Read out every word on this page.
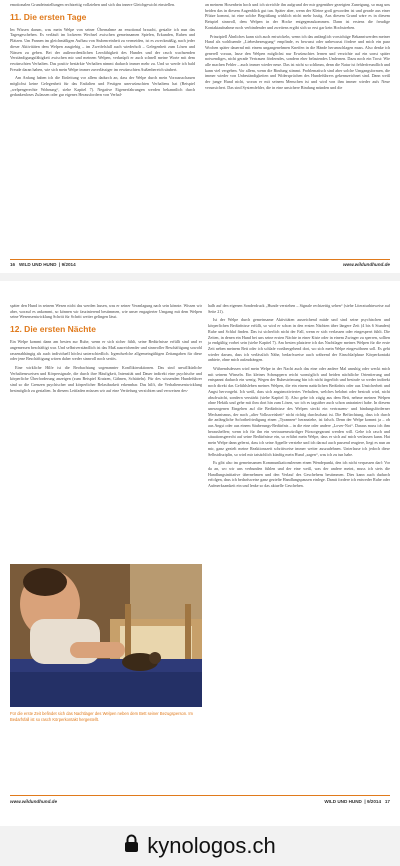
emotionalen Grundeinstellungen rechtzeitig vollziehen und sich das innere Gleichgewicht einstellen.

11. Die ersten Tage

Im Wissen darum, was mein Welpe von seiner Übernahme an emotional braucht, gestalte ich nun das Tagesgeschehen. Es verläuft im lockeren Wechsel zwischen gemeinsamen Spielen, Erkunden, Ruhen und Plätzen. Um Pannen im gleichmäßigen Aufbau von Stubenreinheit zu vermeiden, ist es zweckmäßig, nach jeder dieser Aktivitäten dem Welpen ausgiebig – im Zweifelsfall auch wiederholt – Gelegenheit zum Lösen und Nässen zu geben. Bei der außerordentlichen Lernfähigkeit des Hundes und der rasch wachsenden Verständigungsfähigkeit zwischen mir und meinem Welpen, verknüpft er auch schnell meine Worte mit dem erwünschten Verhalten. Das positiv bestärkte Verhalten nimmt dadurch immer mehr zu. Und so werde ich bald Freude daran haben, wie sich mein Welpe immer zuverlässiger im erwünschten Außenbereich säubert.

Am Anfang haben ich die Einleitung vor allem dadurch an, dass der Welpe durch mein Voraussschauen möglichst keine Gelegenheit für das Entfalten und Festigen unerwünschten Verhaltens hat (Beispiel „welpengerechte Wohnung“, siehe Kapitel 7). Negative Eigenerfahrungen werden bekanntlich durch gedankenloses Zulassen oder gar eigenes Herausfordern von Verhal-

an meinem Hosenbein hoch und ich streichle ihn aufgrund der mir gegenüber gezeigten Zuneigung, so mag uns beiden das in diesem Augenblick gut tun. Später aber, wenn der Kleine groß geworden ist und gerade aus einer Pfütze kommt, ist eine solche Begrüßung wirklich nicht mehr lustig. Aus diesem Grund wäre es in diesem Beispiel sinnvoll, dem Welpen in der Hocke entgegenzukommen. Dann ist erstens die freudige Kontaktaufnahme noch verbindender und zweitens ergibt sich so erst gar kein Hochstreben.

Prinzipiell Ähnliches kann sich auch entwickeln, wenn ich das anfänglich vorsichtige Bekanntwerden meiner Hand als wohltuende „Liebesbezeugung“ empfinde, es bewusst oder unbewusst fördere und mich ein paar Wochen später dauernd mit einem ungangenehmen Kneifen in die Hände herumschlagen muss. Also denke ich generell voraus, lasse den Welpen möglichst nur Erwünschtes lernen und verzichte auf ein sonst später notwendiges, nicht gerade Vertrauen förderndes, sondern eher belastendes Umlernen. Dazu noch ein Trost: Wie alle machen Fehler – auch immer wieder neue. Das ist nicht so schlimm, denn die Natur ist fehlerfreundlich und kann viel vergeben. Vor allem, wenn die Bindung stimmt. Problematisch sind aber solche Umgangsformen, die immer wieder von Unbeständigkeiten und Widersprüchen des Hundeführers gekennzeichnet sind. Dann weiß der junge Hund nicht, woran er mit seinem Menschen ist und wird von ihm immer wieder aufs Neue verunsichert. Das sind Systemfehler, die in eine unsichere Bindung münden und die

16 WILD UND HUND  | 9/2014	www.wildundhund.de

später den Hund in seinem Wesen nicht das werden lassen, was er seiner Veranlagung nach sein könnte. Wissen wir aber, worauf es ankommt, so können wir faszinierend bestimmen, wie unser engagierter Umgang mit dem Welpen seine Wesensentwicklung Schritt für Schritt weiter gelingen lässt.

12. Die ersten Nächte

Ein Welpe kommt dann am besten zur Ruhe, wenn er sich sicher fühlt, seine Bedürfnisse erfüllt sind und er angemessen beschäftigt war. Und selbstverständlich ist das Maß ausreichender und sinnvoller Beschäftigung sowohl rassenabhängig als auch individuell höchst unterschiedlich. Irgendwelche allgemeingültigen Zeitangaben für diese oder jene Beschäftigung wären daher weder sinnvoll noch seriös.

Eine wirkliche Hilfe ist die Beobachtung sogenannter Konfliktreaktionen. Das sind unwillkürliche Verhaltensweisen und Körpersignale, die durch ihre Häufigkeit, Intensität und Dauer indirekt eine psychische und körperliche Überforderung anzeigen (zum Beispiel Kratzen, Gähnen, Schütteln). Für des wissenden Hundeführer sind so die Grenzen psychischer und körperlicher Belastbarkeit erkennbar. Das hilft, die Verhaltensentwicklung bestmöglich zu gestalten. In diesem Leitfaden müssen wir auf eine Vertiefung verzichten und verweisen des-

Für die erste Zeit befindet sich das Nachtlager des Welpen neben dem Bett seiner Bezugsperson. Im Bedarfsfall ist so rasch Körperkontakt hergestellt.

halb auf den eigenen Sonderdruck „Hunde verstehen – Signale rechtzeitig sehen“ (siehe Literaturhinweise auf Seite 21).

Ist der Welpe durch gemeinsame Aktivitäten ausreichend müde und sind seine psychischen und körperlichen Bedürfnisse erfüllt, so wird er schon in den ersten Nächten über längere Zeit (4 bis 6 Stunden) Ruhe und Schlaf finden. Das ist sicherlich nicht der Fall, wenn er sich verlassen oder eingesperrt fühlt. Die Zeiten, in denen ein Hund bei uns seine ersten Nächte in einer Kiste oder in einem Zwinger zu sperren, sollten ja endgültig vorbei sein (siehe Kapitel 7). Am besten platziere ich das Nachtlager meines Welpen für die erste Zeit neben meinem Bett oder ich schlafe vorübergehend dort, wo sich mein Welpe eingewöhnen soll. Es geht wieder darum, dass ich verlässlich Nähe, bedarfsweise auch während der Einschlafphase Körperkontakt anbiete, ohne mich aufzudrängen.

Währendsdessen wird mein Welpe in der Nacht auch das eine oder andere Mal unruhig oder weckt mich mit seinem Winseln. Ein kleines Schnuppern reicht womöglich und beiden nächtliche Orientierung und entspannt dadurch ein wenig. Wegen der Ruheströmung bin ich nicht ärgerlich und bestrafe so weder indirekt noch direkt das Gefühlsleben meines Welpen, die ein einem natürlichen Bedürfnis oder aus Unsicherheit und Angst hervorgeht. Ich weiß, dass sich angstmotiviertes Verhalten, welches belohnt oder bestraft wird, nicht abschwächt, sondern verstärkt (siehe Kapitel 3). Also gehe ich zügig aus dem Bett, nehme meinen Welpen ohne Hektik und gehe mit ihm dort hin zum Lösen, wo ich es tagsüber auch schon antrainiert habe. In diesem unerzogenen Eingehen auf die Bedürfnisse des Welpen steckt ein vertrauens- und bindungsförderner Mechanismus, der nach „alter Volksweisheit“ nicht richtig durchschaut ist. Die Befürchtung, dass ich durch die anfängliche Sofortbefriedigung einen „Tyrannen“ heranziehe, ist falsch. Denn der Welpe kommt ja – ob aus Angst oder aus einem Säuberungs-Bedürfnis – in die eine oder andere „Lover-Not“. Daraus muss ich ihm heraushelfen; wenn ich für ihn ein vertrauenswürdiger Fürsorgegarant werden will. Gehe ich rasch und situationsgerecht auf seine Bedürfnisse ein, so erfährt mein Welpe, dass er sich auf mich verlassen kann. Hat mein Welpe dann gelernt, dass ich seine Appelle verstehe und ich darauf auch passend reagiere, liegt es nun an mir, ganz gezielt meine Reaktionszeit schrittweise immer weiter auszudehnen. Unterlasse ich jedoch diese Selbstdisziplin, so wird mir tatsächlich künftig mein Hund „sagen“, was ich zu tun habe.

Es gibt also im gemeinsamen Kommunikationslernen einen Wendepunkt, den ich nicht verpassen darf: Vor da an, wo wir uns verbunden fühlen und der eine weiß, was der andere meint, muss ich stets die Handlungsinitiative übernehmen und den Verlauf des Geschehens bestimmen. Dies kann auch dadurch erfolgen, dass ich bedarfsweise ganz gezielte Handlungspausen einlege. Damit fordere ich entweder Ruhe oder Aufmerksamkeit ein und lenke so das aktuelle Geschehen.

www.wildundhund.de	WILD UND HUND  | 9/2014 17
kynologos.ch
